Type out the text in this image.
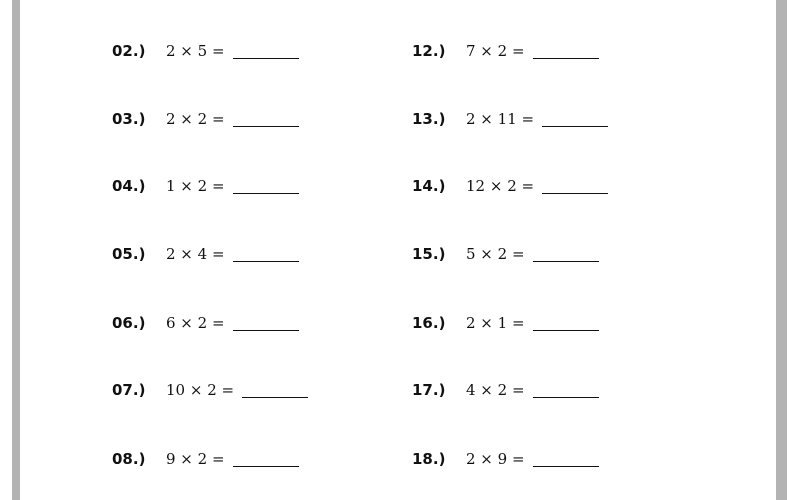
02.)	2 × 5 =
03.)	2 × 2 =
04.)	1 × 2 =
05.)	2 × 4 =
06.)	6 × 2 =
07.)	10 × 2 =
08.)	9 × 2 =
12.)	7 × 2 =
13.)	2 × 11 =
14.)	12 × 2 =
15.)	5 × 2 =
16.)	2 × 1 =
17.)	4 × 2 =
18.)	2 × 9 =
